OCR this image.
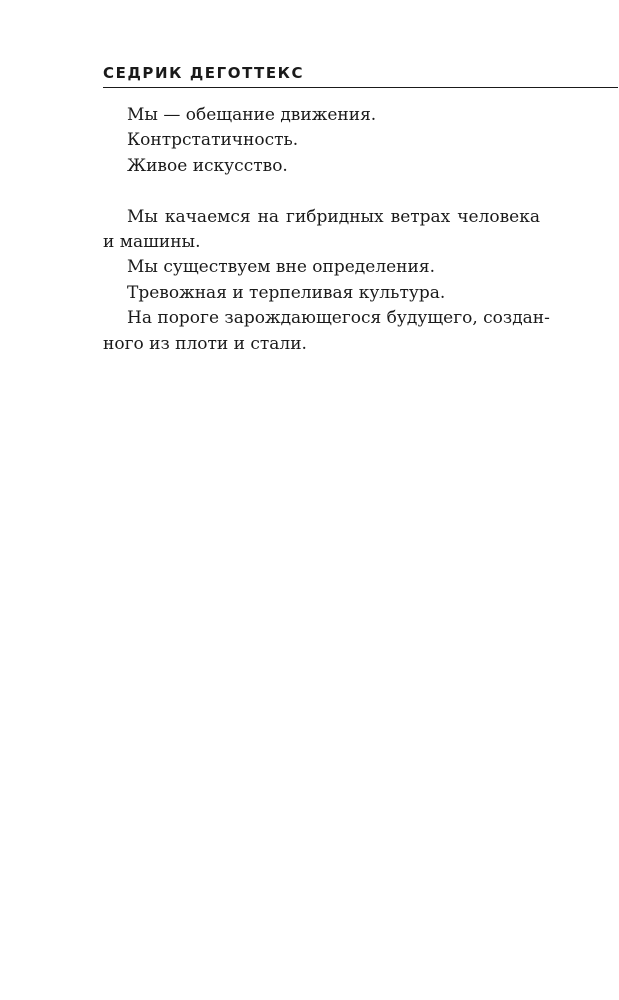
СЕДРИК ДЕГОТТЕКС
Мы — обещание движения.
Контрстатичность.
Живое искусство.
Мы качаемся на гибридных ветрах человека
и машины.
Мы существуем вне определения.
Тревожная и терпеливая культура.
На пороге зарождающегося будущего, создан-
ного из плоти и стали.
